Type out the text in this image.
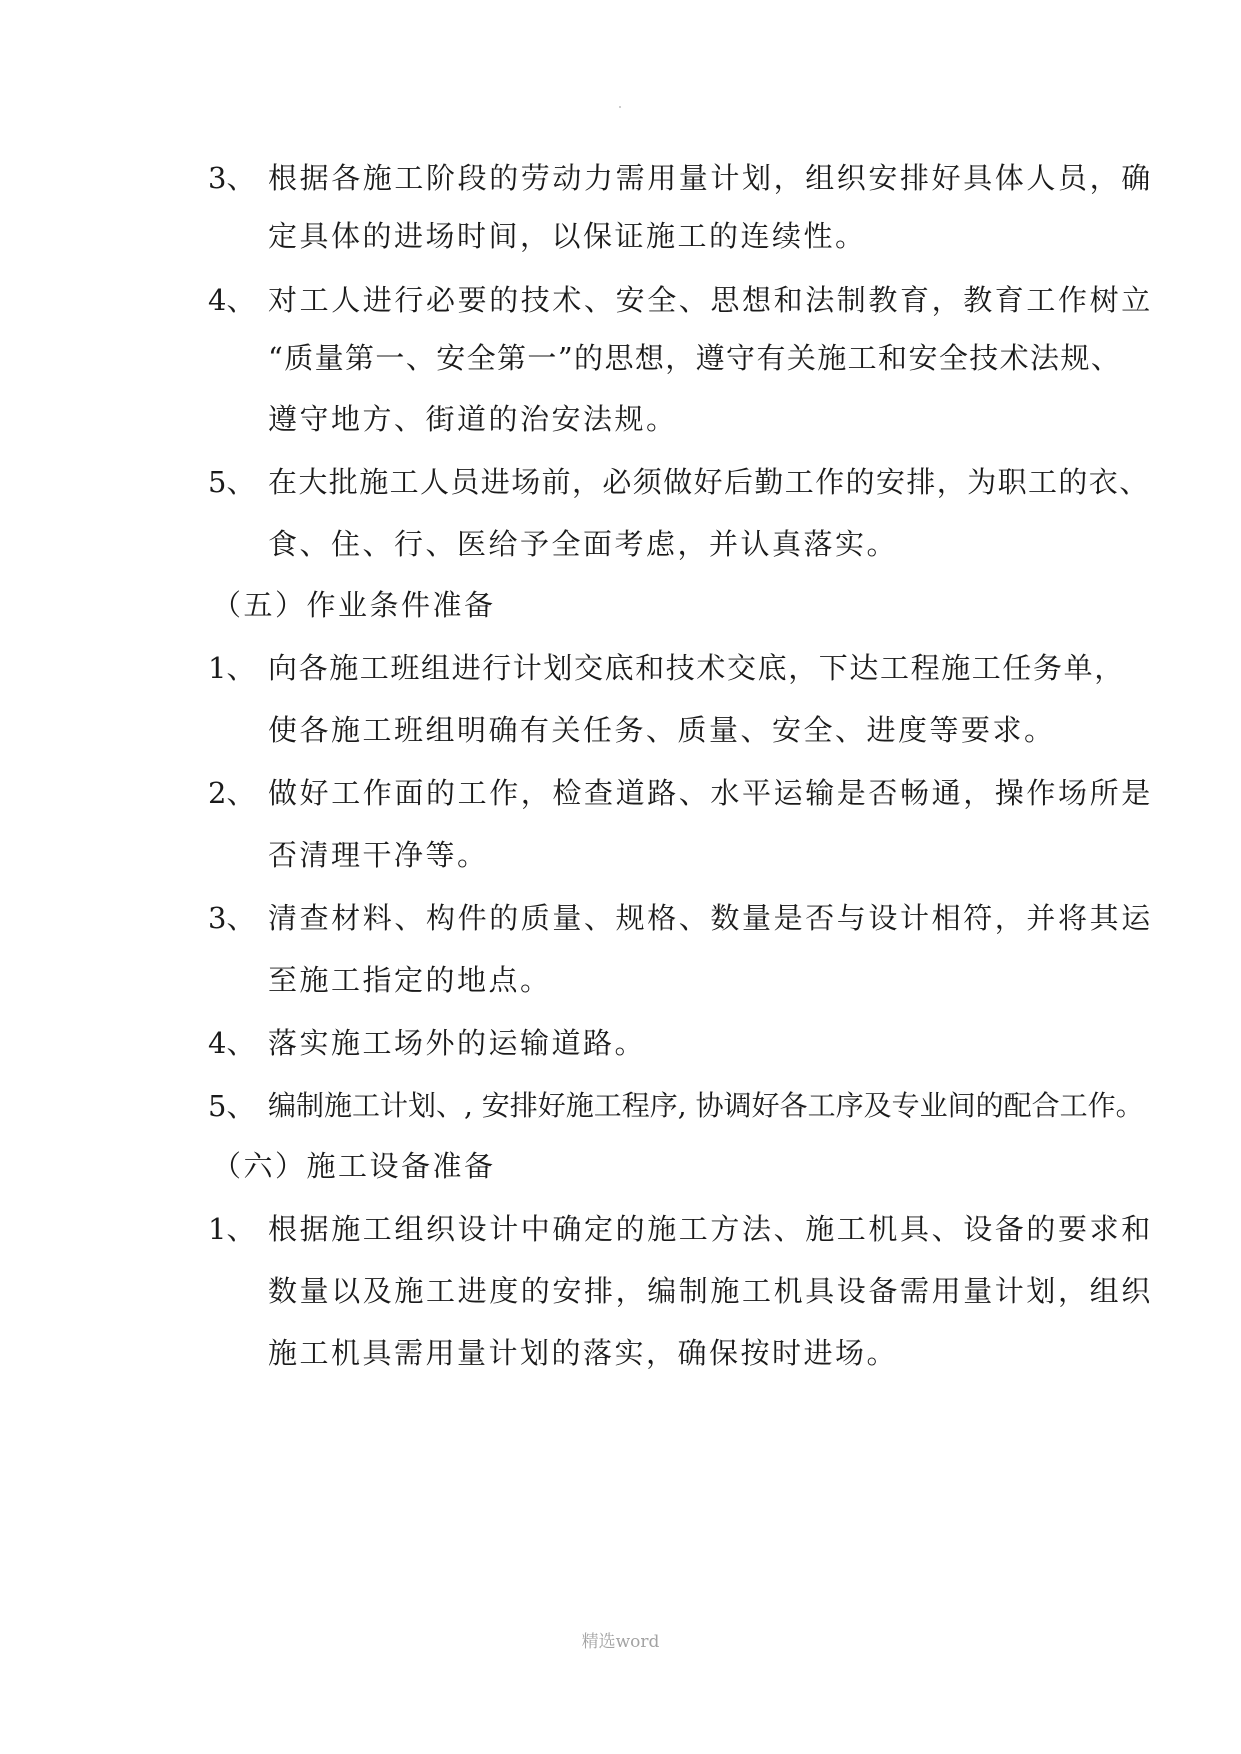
3、 根据各施工阶段的劳动力需用量计划，组织安排好具体人员，确
定具体的进场时间，以保证施工的连续性。
4、 对工人进行必要的技术、安全、思想和法制教育，教育工作树立
“质量第一、安全第一”的思想，遵守有关施工和安全技术法规、
遵守地方、街道的治安法规。
5、 在大批施工人员进场前，必须做好后勤工作的安排，为职工的衣、
食、住、行、医给予全面考虑，并认真落实。
（五）作业条件准备
1、 向各施工班组进行计划交底和技术交底，下达工程施工任务单，
使各施工班组明确有关任务、质量、安全、进度等要求。
2、 做好工作面的工作，检查道路、水平运输是否畅通，操作场所是
否清理干净等。
3、 清查材料、构件的质量、规格、数量是否与设计相符，并将其运
至施工指定的地点。
4、 落实施工场外的运输道路。
5、 编制施工计划、, 安排好施工程序, 协调好各工序及专业间的配合工作。
（六）施工设备准备
1、 根据施工组织设计中确定的施工方法、施工机具、设备的要求和
数量以及施工进度的安排，编制施工机具设备需用量计划，组织
施工机具需用量计划的落实，确保按时进场。
精选word
